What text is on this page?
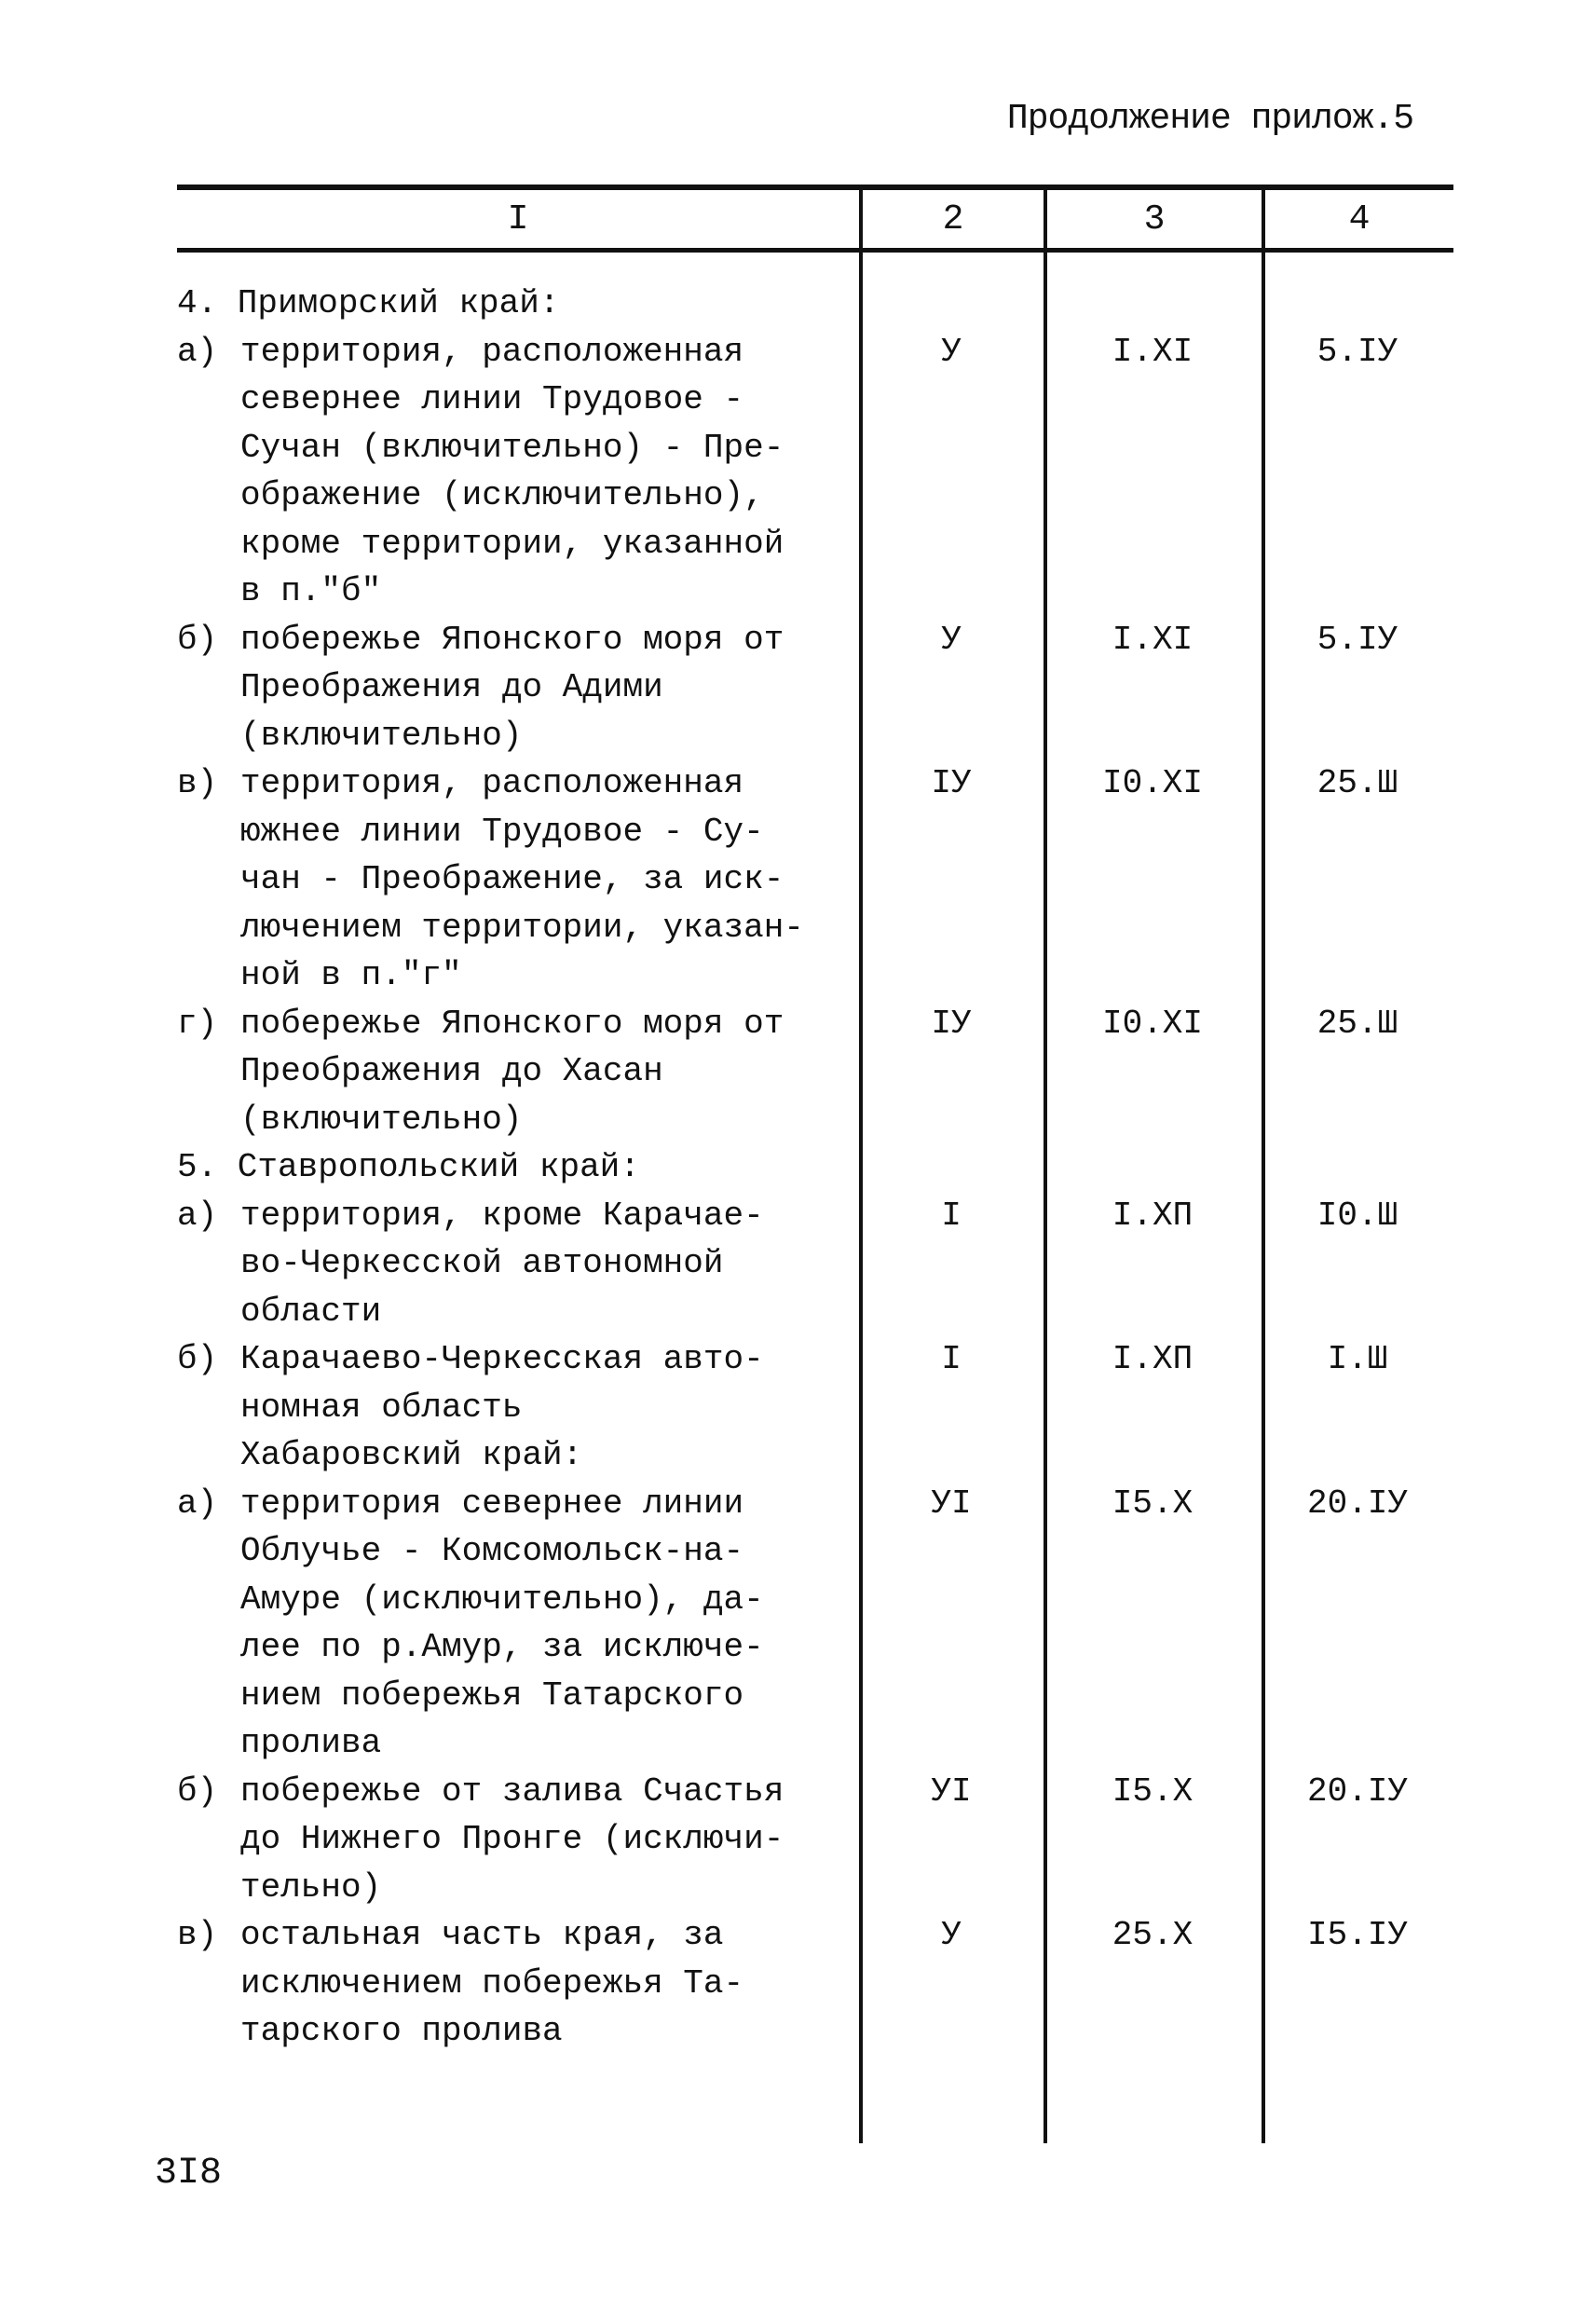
Продолжение прилож.5
I	2	3	4
4. Приморский край:
а) территория, расположенная
севернее линии Трудовое -
Сучан (включительно) - Пре-
ображение (исключительно),
кроме территории, указанной
в п."б"
У	I.XI	5.IУ
б) побережье Японского моря от
Преображения до Адими
(включительно)
У	I.XI	5.IУ
в) территория, расположенная
южнее линии Трудовое - Су-
чан - Преображение, за иск-
лючением территории, указан-
ной в п."г"
IУ	I0.XI	25.Ш
г) побережье Японского моря от
Преображения до Хасан
(включительно)
IУ	I0.XI	25.Ш
5. Ставропольский край:
а) территория, кроме Карачае-
во-Черкесской автономной
области
I	I.XП	I0.Ш
б) Карачаево-Черкесская авто-
номная область
I	I.XП	I.Ш
Хабаровский край:
а) территория севернее линии
Облучье - Комсомольск-на-
Амуре (исключительно), да-
лее по р.Амур, за исключе-
нием побережья Татарского
пролива
УI	I5.X	20.IУ
б) побережье от залива Счастья
до Нижнего Пронге (исключи-
тельно)
УI	I5.X	20.IУ
в) остальная часть края, за
исключением побережья Та-
тарского пролива
У	25.X	I5.IУ
3I8
